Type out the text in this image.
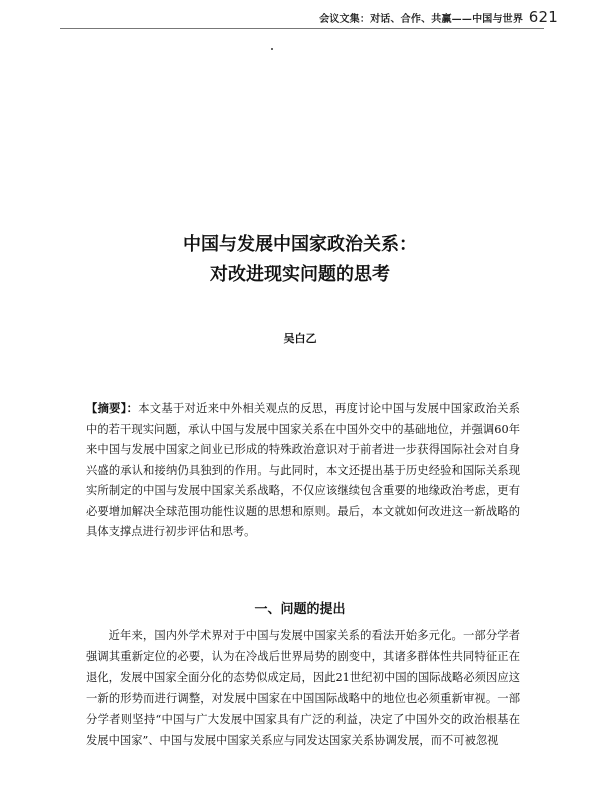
会议文集：对话、合作、共赢——中国与世界 621
中国与发展中国家政治关系：
对改进现实问题的思考
吴白乙
【摘要】：本文基于对近来中外相关观点的反思，再度讨论中国与发展中国家政治关系中的若干现实问题，承认中国与发展中国家关系在中国外交中的基础地位，并强调60年来中国与发展中国家之间业已形成的特殊政治意识对于前者进一步获得国际社会对自身兴盛的承认和接纳仍具独到的作用。与此同时，本文还提出基于历史经验和国际关系现实所制定的中国与发展中国家关系战略，不仅应该继续包含重要的地缘政治考虑，更有必要增加解决全球范围功能性议题的思想和原则。最后，本文就如何改进这一新战略的具体支撑点进行初步评估和思考。
一、问题的提出
近年来，国内外学术界对于中国与发展中国家关系的看法开始多元化。一部分学者强调其重新定位的必要，认为在冷战后世界局势的剧变中，其诸多群体性共同特征正在退化，发展中国家全面分化的态势似成定局，因此21世纪初中国的国际战略必须因应这一新的形势而进行调整，对发展中国家在中国国际战略中的地位也必须重新审视。一部分学者则坚持“中国与广大发展中国家具有广泛的利益，决定了中国外交的政治根基在发展中国家”、中国与发展中国家关系应与同发达国家关系协调发展，而不可被忽视
